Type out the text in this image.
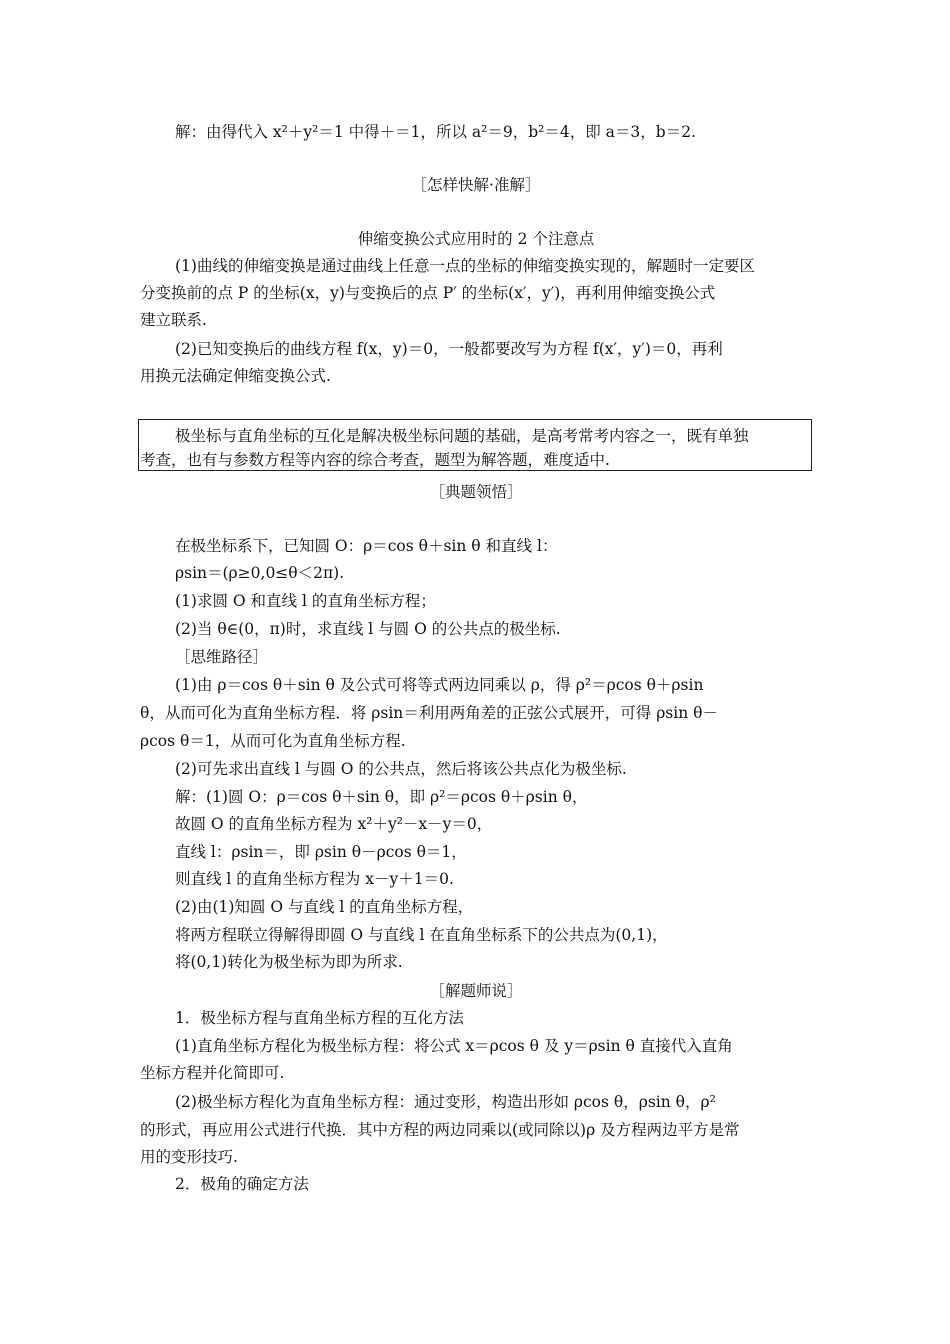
解：由得代入 x²＋y²＝1 中得＋＝1，所以 a²＝9，b²＝4，即 a＝3，b＝2.
［怎样快解·准解］
伸缩变换公式应用时的 2 个注意点
(1)曲线的伸缩变换是通过曲线上任意一点的坐标的伸缩变换实现的，解题时一定要区
分变换前的点 P 的坐标(x，y)与变换后的点 P′ 的坐标(x′，y′)，再利用伸缩变换公式
建立联系.
(2)已知变换后的曲线方程 f(x，y)＝0，一般都要改写为方程 f(x′，y′)＝0，再利
用换元法确定伸缩变换公式.
极坐标与直角坐标的互化是解决极坐标问题的基础，是高考常考内容之一，既有单独
考查，也有与参数方程等内容的综合考查，题型为解答题，难度适中.
［典题领悟］
在极坐标系下，已知圆 O：ρ＝cos θ＋sin θ 和直线 l：
ρsin＝(ρ≥0,0≤θ＜2π).
(1)求圆 O 和直线 l 的直角坐标方程；
(2)当 θ∈(0，π)时，求直线 l 与圆 O 的公共点的极坐标.
［思维路径］
(1)由 ρ＝cos θ＋sin θ 及公式可将等式两边同乘以 ρ，得 ρ²＝ρcos θ＋ρsin
θ，从而可化为直角坐标方程．将 ρsin＝利用两角差的正弦公式展开，可得 ρsin θ－
ρcos θ＝1，从而可化为直角坐标方程.
(2)可先求出直线 l 与圆 O 的公共点，然后将该公共点化为极坐标.
解：(1)圆 O：ρ＝cos θ＋sin θ，即 ρ²＝ρcos θ＋ρsin θ，
故圆 O 的直角坐标方程为 x²＋y²－x－y＝0，
直线 l：ρsin＝，即 ρsin θ－ρcos θ＝1，
则直线 l 的直角坐标方程为 x－y＋1＝0.
(2)由(1)知圆 O 与直线 l 的直角坐标方程，
将两方程联立得解得即圆 O 与直线 l 在直角坐标系下的公共点为(0,1)，
将(0,1)转化为极坐标为即为所求.
［解题师说］
1．极坐标方程与直角坐标方程的互化方法
(1)直角坐标方程化为极坐标方程：将公式 x＝ρcos θ 及 y＝ρsin θ 直接代入直角
坐标方程并化简即可.
(2)极坐标方程化为直角坐标方程：通过变形，构造出形如 ρcos θ，ρsin θ，ρ²
的形式，再应用公式进行代换．其中方程的两边同乘以(或同除以)ρ 及方程两边平方是常
用的变形技巧.
2．极角的确定方法
